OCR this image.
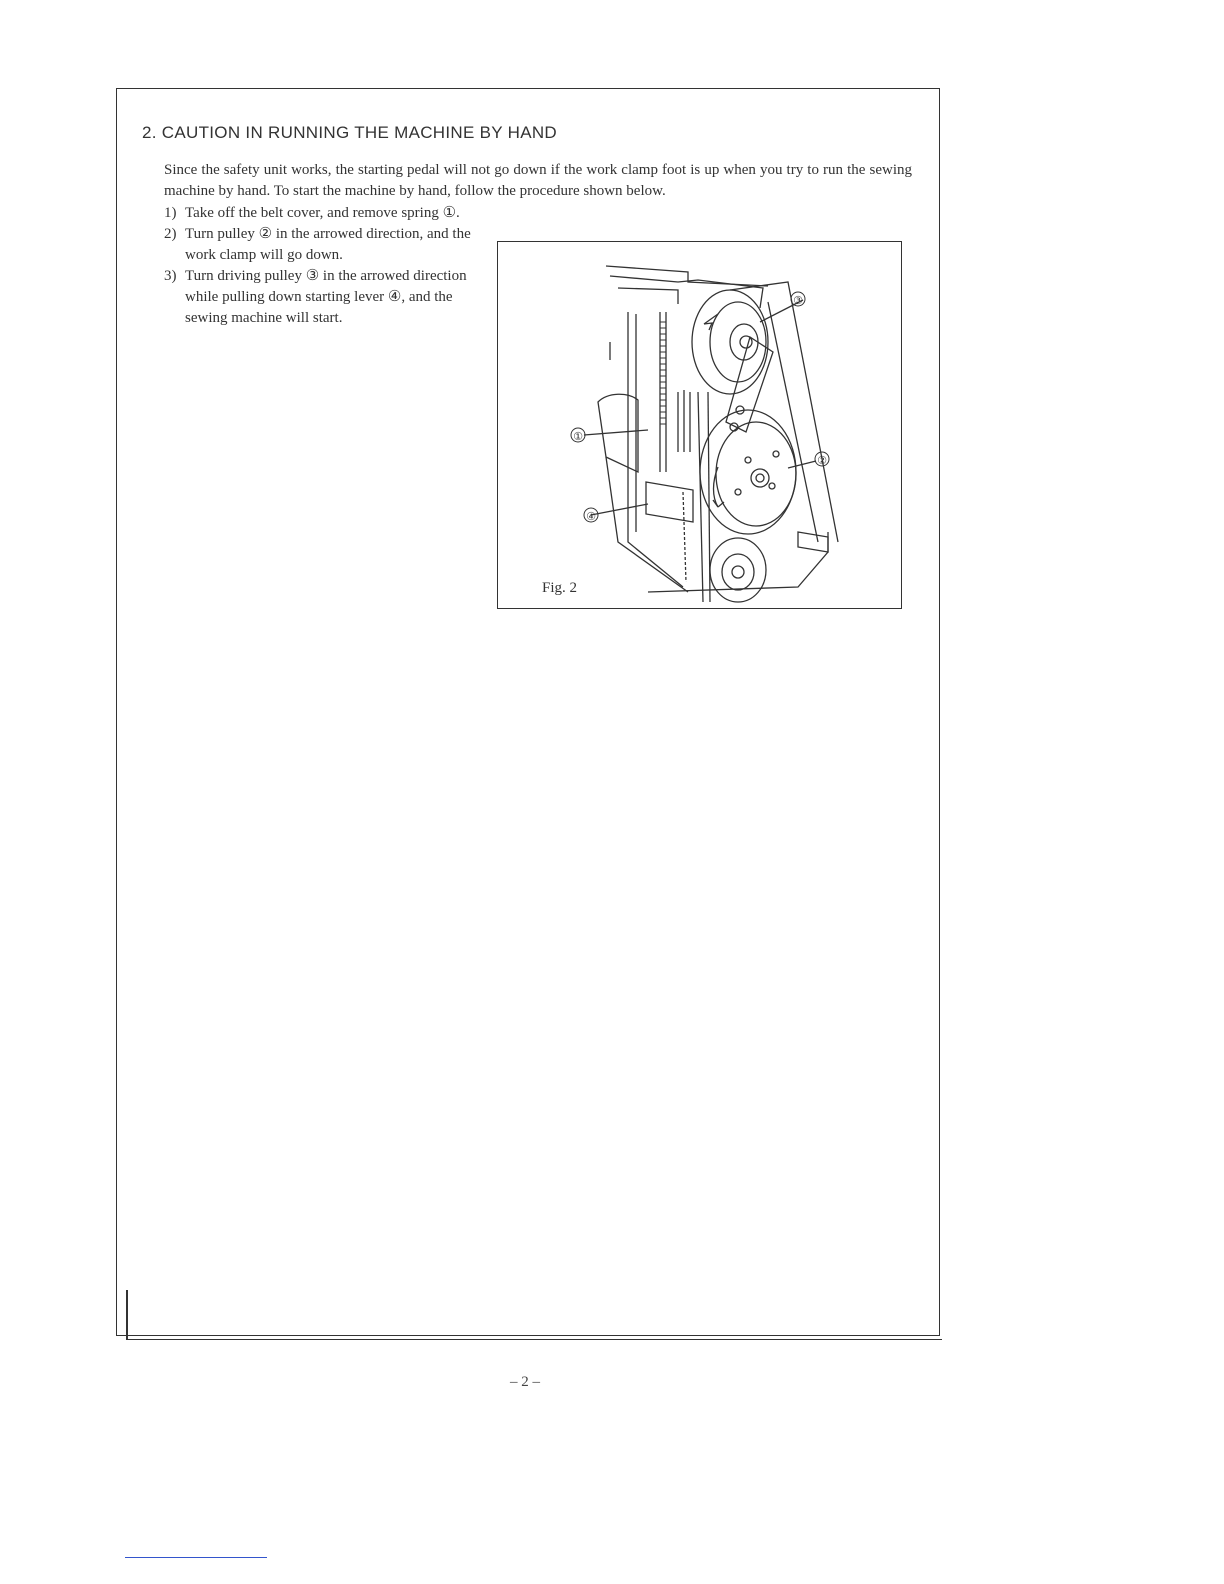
2. CAUTION IN RUNNING THE MACHINE BY HAND

Since the safety unit works, the starting pedal will not go down if the work clamp foot is up when you try to run the sewing machine by hand. To start the machine by hand, follow the procedure shown below.

1) Take off the belt cover, and remove spring ①.
2) Turn pulley ② in the arrowed direction, and the work clamp will go down.
3) Turn driving pulley ③ in the arrowed direction while pulling down starting lever ④, and the sewing machine will start.
①
②
③
④
Fig. 2
– 2 –
